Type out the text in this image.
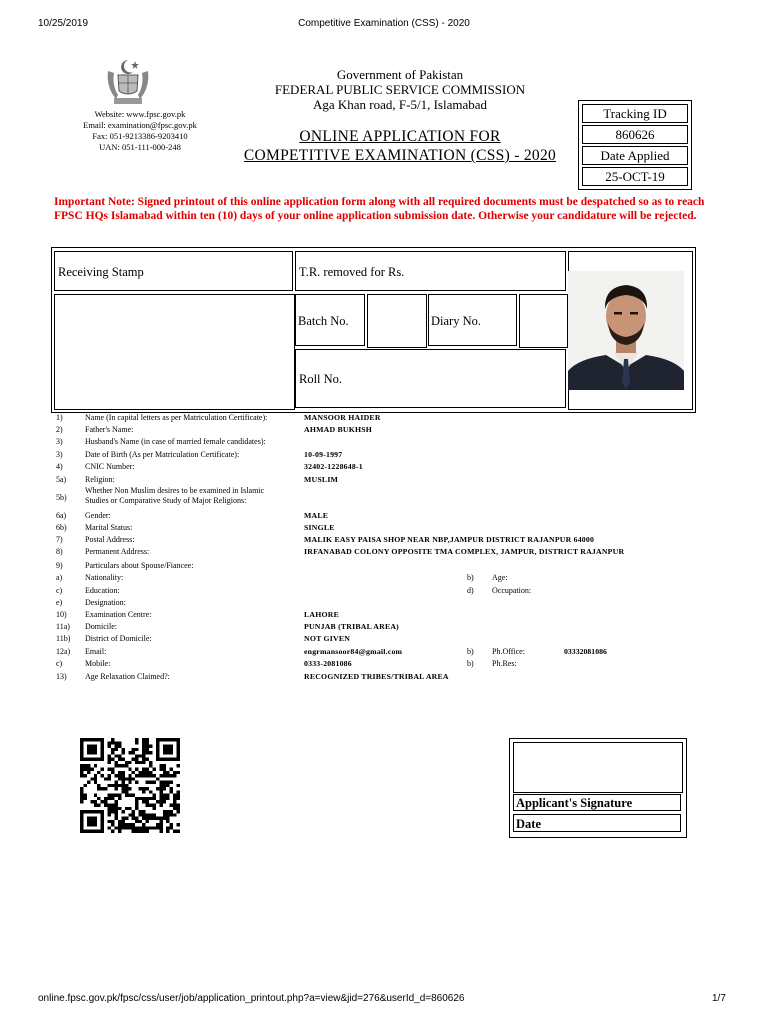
10/25/2019	Competitive Examination (CSS) - 2020
Website: www.fpsc.gov.pk
Email: examination@fpsc.gov.pk
Fax: 051-9213386-9203410
UAN: 051-111-000-248
Government of Pakistan
FEDERAL PUBLIC SERVICE COMMISSION
Aga Khan road, F-5/1, Islamabad
ONLINE APPLICATION FOR
COMPETITIVE EXAMINATION (CSS) - 2020
Tracking ID
860626
Date Applied
25-OCT-19
Important Note: Signed printout of this online application form along with all required documents must be despatched so as to reach FPSC HQs Islamabad within ten (10) days of your online application submission date. Otherwise your candidature will be rejected.
Receiving Stamp	T.R. removed for Rs.
Batch No.	Diary No.
Roll No.
1)	Name (In capital letters as per Matriculation Certificate):	MANSOOR HAIDER
2)	Father's Name:	AHMAD BUKHSH
3)	Husband's Name (in case of married female candidates):
3)	Date of Birth (As per Matriculation Certificate):	10-09-1997
4)	CNIC Number:	32402-1228648-1
5a) Religion:	MUSLIM
5b)
Whether Non Muslim desires to be examined in Islamic
Studies or Comparative Study of Major Religions:
6a) Gender:	MALE
6b) Marital Status:	SINGLE
7)	Postal Address:	MALIK EASY PAISA SHOP NEAR NBP,JAMPUR DISTRICT RAJANPUR 64000
8)	Permanent Address:	IRFANABAD COLONY OPPOSITE TMA COMPLEX, JAMPUR, DISTRICT RAJANPUR
9)	Particulars about Spouse/Fiancee:
a)	Nationality:	b) Age:
c)	Education:	d) Occupation:
e)	Designation:
10) Examination Centre:	LAHORE
11a) Domicile:	PUNJAB (TRIBAL AREA)
11b) District of Domicile:	NOT GIVEN
12a) Email:	engrmansoor84@gmail.com	b) Ph.Office:	03332081086
c)	Mobile:	0333-2081086	b) Ph.Res:
13) Age Relaxation Claimed?:	RECOGNIZED TRIBES/TRIBAL AREA
Applicant's Signature
Date
online.fpsc.gov.pk/fpsc/css/user/job/application_printout.php?a=view&jid=276&userId_d=860626	1/7
